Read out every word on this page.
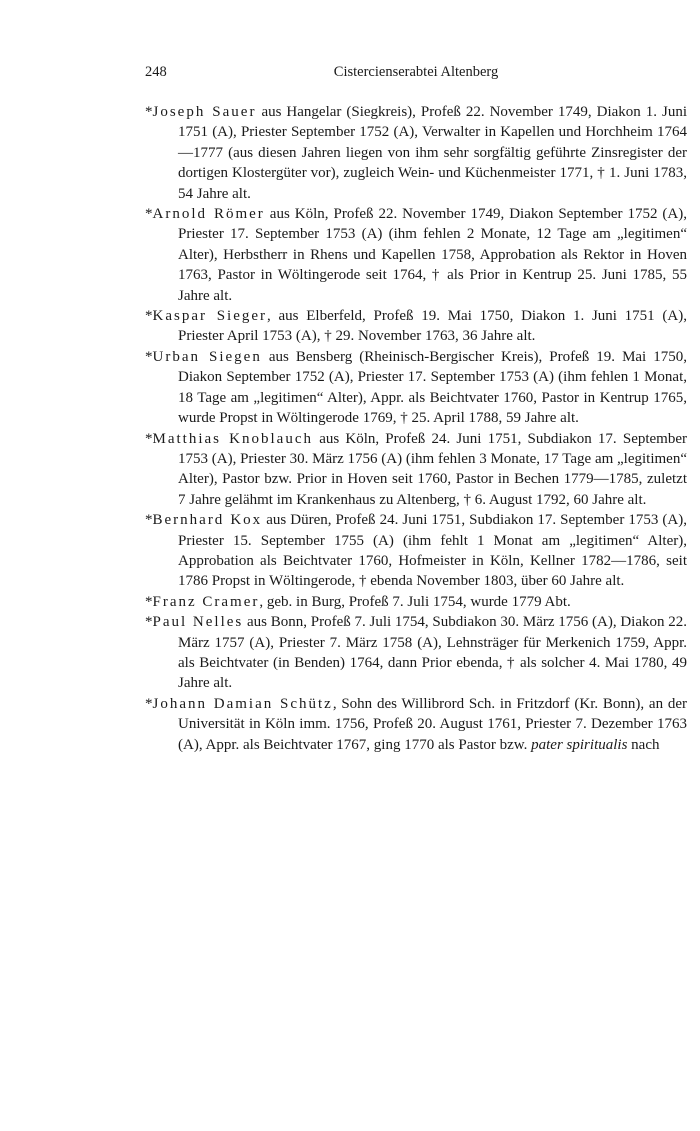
248	Cistercienserabtei Altenberg

*Joseph Sauer aus Hangelar (Siegkreis), Profeß 22. November 1749, Diakon 1. Juni 1751 (A), Priester September 1752 (A), Verwalter in Kapellen und Horchheim 1764—1777 (aus diesen Jahren liegen von ihm sehr sorgfältig geführte Zinsregister der dortigen Klostergüter vor), zugleich Wein- und Küchenmeister 1771, † 1. Juni 1783, 54 Jahre alt.

*Arnold Römer aus Köln, Profeß 22. November 1749, Diakon September 1752 (A), Priester 17. September 1753 (A) (ihm fehlen 2 Monate, 12 Tage am „legitimen“ Alter), Herbstherr in Rhens und Kapellen 1758, Approbation als Rektor in Hoven 1763, Pastor in Wöltingerode seit 1764, † als Prior in Kentrup 25. Juni 1785, 55 Jahre alt.

*Kaspar Sieger, aus Elberfeld, Profeß 19. Mai 1750, Diakon 1. Juni 1751 (A), Priester April 1753 (A), † 29. November 1763, 36 Jahre alt.

*Urban Siegen aus Bensberg (Rheinisch-Bergischer Kreis), Profeß 19. Mai 1750, Diakon September 1752 (A), Priester 17. September 1753 (A) (ihm fehlen 1 Monat, 18 Tage am „legitimen“ Alter), Appr. als Beichtvater 1760, Pastor in Kentrup 1765, wurde Propst in Wöltingerode 1769, † 25. April 1788, 59 Jahre alt.

*Matthias Knoblauch aus Köln, Profeß 24. Juni 1751, Subdiakon 17. September 1753 (A), Priester 30. März 1756 (A) (ihm fehlen 3 Monate, 17 Tage am „legitimen“ Alter), Pastor bzw. Prior in Hoven seit 1760, Pastor in Bechen 1779—1785, zuletzt 7 Jahre gelähmt im Krankenhaus zu Altenberg, † 6. August 1792, 60 Jahre alt.

*Bernhard Kox aus Düren, Profeß 24. Juni 1751, Subdiakon 17. September 1753 (A), Priester 15. September 1755 (A) (ihm fehlt 1 Monat am „legitimen“ Alter), Approbation als Beichtvater 1760, Hofmeister in Köln, Kellner 1782—1786, seit 1786 Propst in Wöltingerode, † ebenda November 1803, über 60 Jahre alt.

*Franz Cramer, geb. in Burg, Profeß 7. Juli 1754, wurde 1779 Abt.

*Paul Nelles aus Bonn, Profeß 7. Juli 1754, Subdiakon 30. März 1756 (A), Diakon 22. März 1757 (A), Priester 7. März 1758 (A), Lehnsträger für Merkenich 1759, Appr. als Beichtvater (in Benden) 1764, dann Prior ebenda, † als solcher 4. Mai 1780, 49 Jahre alt.

*Johann Damian Schütz, Sohn des Willibrord Sch. in Fritzdorf (Kr. Bonn), an der Universität in Köln imm. 1756, Profeß 20. August 1761, Priester 7. Dezember 1763 (A), Appr. als Beichtvater 1767, ging 1770 als Pastor bzw. pater spiritualis nach
